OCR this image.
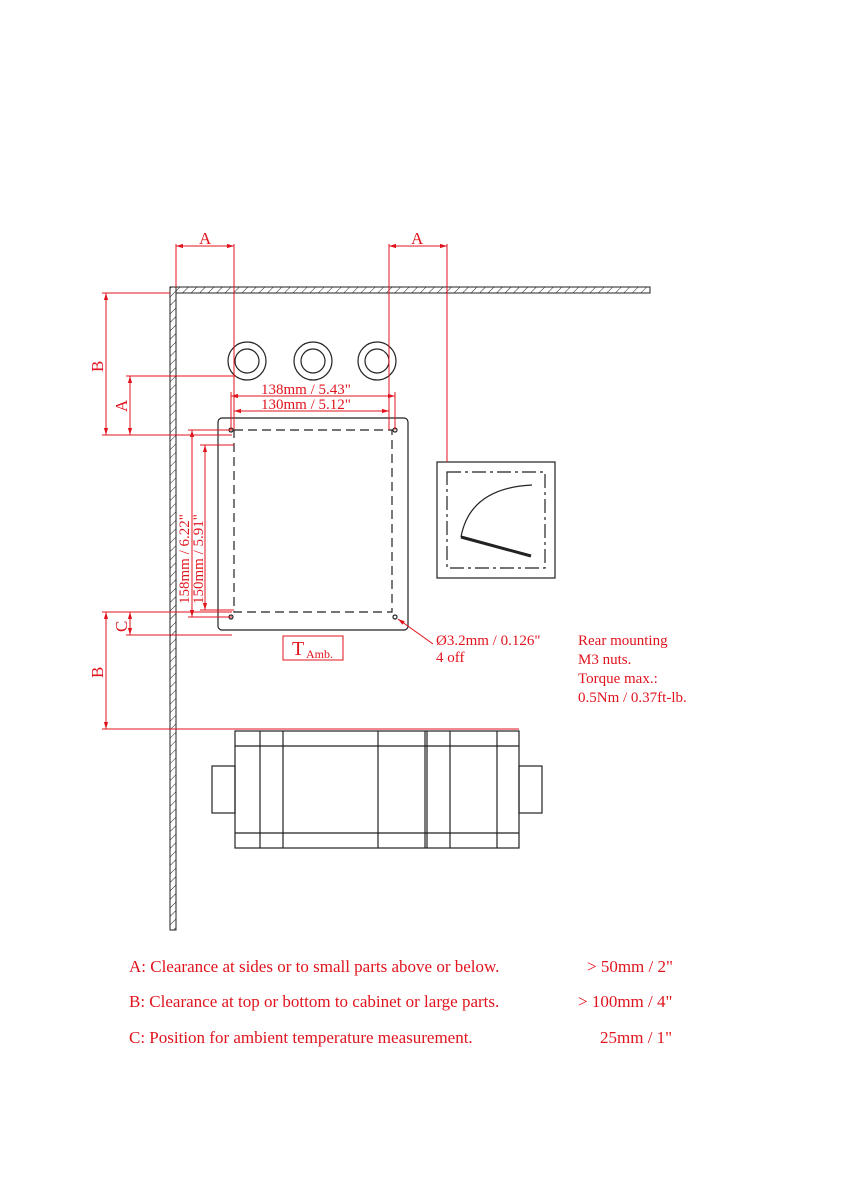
T Amb.
A	A
138mm / 5.43"
130mm / 5.12"
B
A
C
B
158mm / 6.22"
150mm / 5.91"
Ø3.2mm / 0.126"
4 off
Rear mounting
M3 nuts.
Torque max.:
0.5Nm / 0.37ft-lb.
A: Clearance at sides or to small parts above or below.	> 50mm / 2"
B: Clearance at top or bottom to cabinet or large parts.	> 100mm / 4"
C: Position for ambient temperature measurement.	25mm / 1"
